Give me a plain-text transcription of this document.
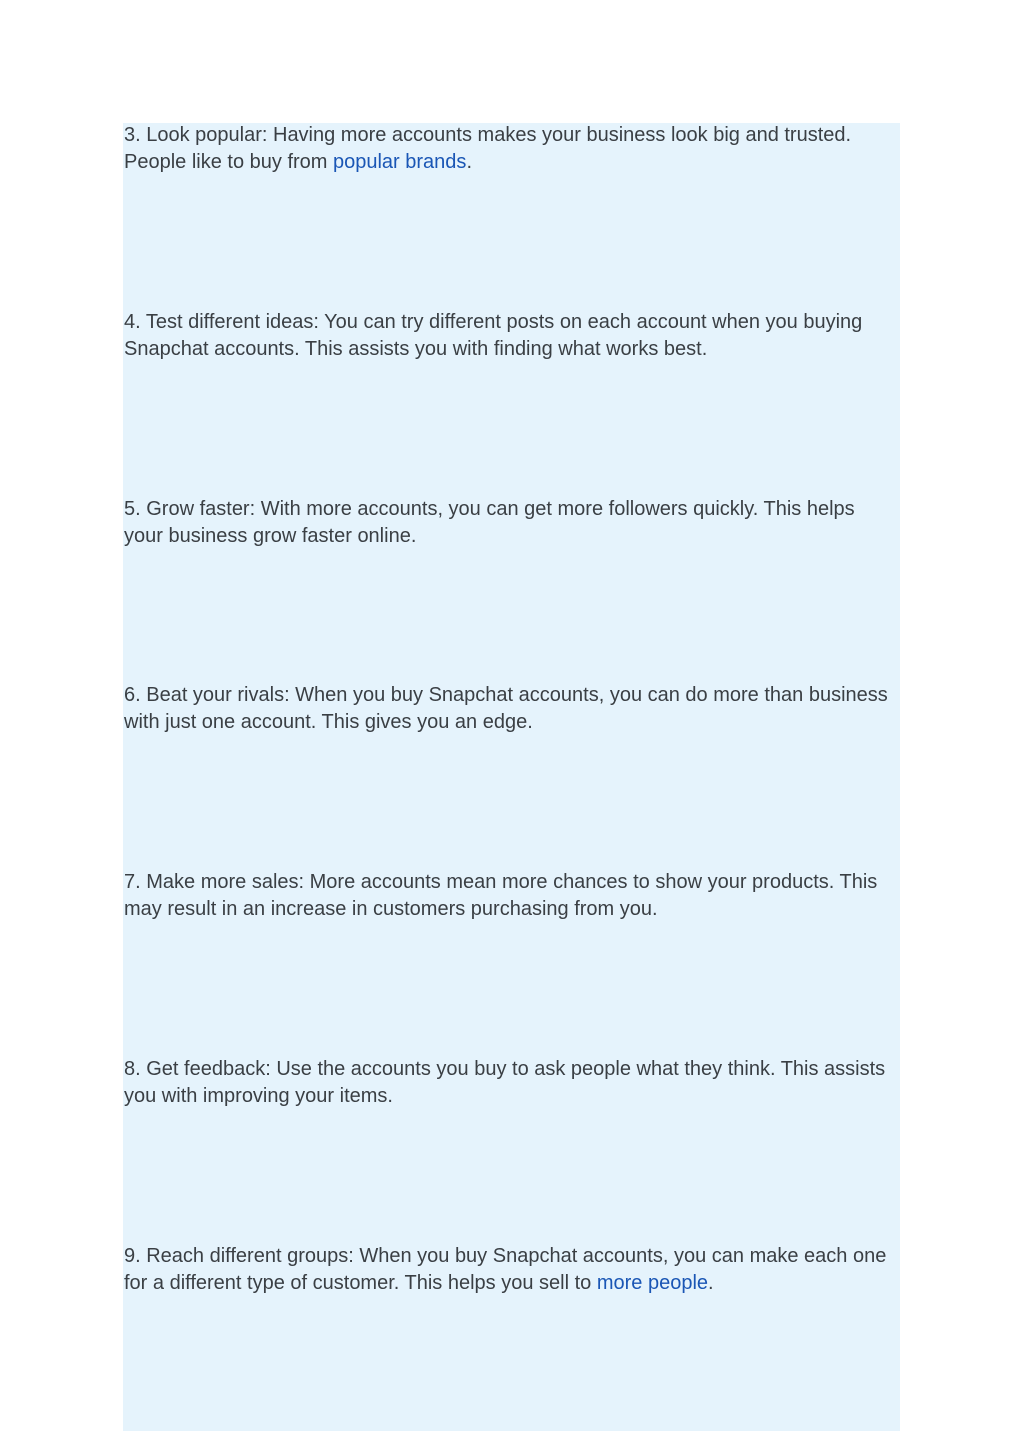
3. Look popular: Having more accounts makes your business look big and trusted. People like to buy from popular brands.

4. Test different ideas: You can try different posts on each account when you buying Snapchat accounts. This assists you with finding what works best.

5. Grow faster: With more accounts, you can get more followers quickly. This helps your business grow faster online.

6. Beat your rivals: When you buy Snapchat accounts, you can do more than business with just one account. This gives you an edge.

7. Make more sales: More accounts mean more chances to show your products. This may result in an increase in customers purchasing from you.

8. Get feedback: Use the accounts you buy to ask people what they think. This assists you with improving your items.

9. Reach different groups: When you buy Snapchat accounts, you can make each one for a different type of customer. This helps you sell to more people.
